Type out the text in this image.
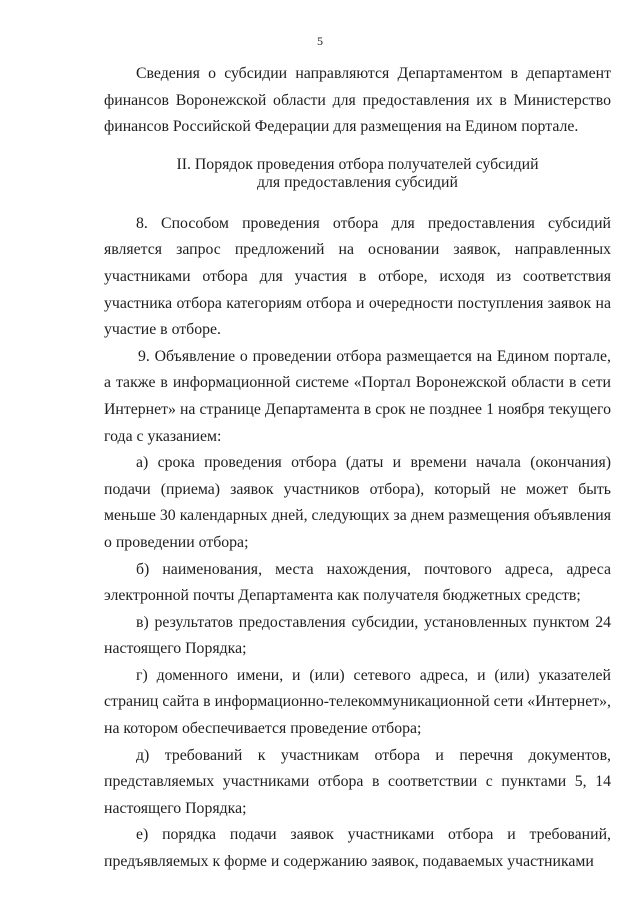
5

Сведения о субсидии направляются Департаментом в департамент финансов Воронежской области для предоставления их в Министерство финансов Российской Федерации для размещения на Едином портале.

II. Порядок проведения отбора получателей субсидий
для предоставления субсидий

8. Способом проведения отбора для предоставления субсидий является запрос предложений на основании заявок, направленных участниками отбора для участия в отборе, исходя из соответствия участника отбора категориям отбора и очередности поступления заявок на участие в отборе.

9. Объявление о проведении отбора размещается на Едином портале, а также в информационной системе «Портал Воронежской области в сети Интернет» на странице Департамента в срок не позднее 1 ноября текущего года с указанием:

а) срока проведения отбора (даты и времени начала (окончания) подачи (приема) заявок участников отбора), который не может быть меньше 30 календарных дней, следующих за днем размещения объявления о проведении отбора;

б) наименования, места нахождения, почтового адреса, адреса электронной почты Департамента как получателя бюджетных средств;

в) результатов предоставления субсидии, установленных пунктом 24 настоящего Порядка;

г) доменного имени, и (или) сетевого адреса, и (или) указателей страниц сайта в информационно-телекоммуникационной сети «Интернет», на котором обеспечивается проведение отбора;

д) требований к участникам отбора и перечня документов, представляемых участниками отбора в соответствии с пунктами 5, 14 настоящего Порядка;

е) порядка подачи заявок участниками отбора и требований, предъявляемых к форме и содержанию заявок, подаваемых участниками
